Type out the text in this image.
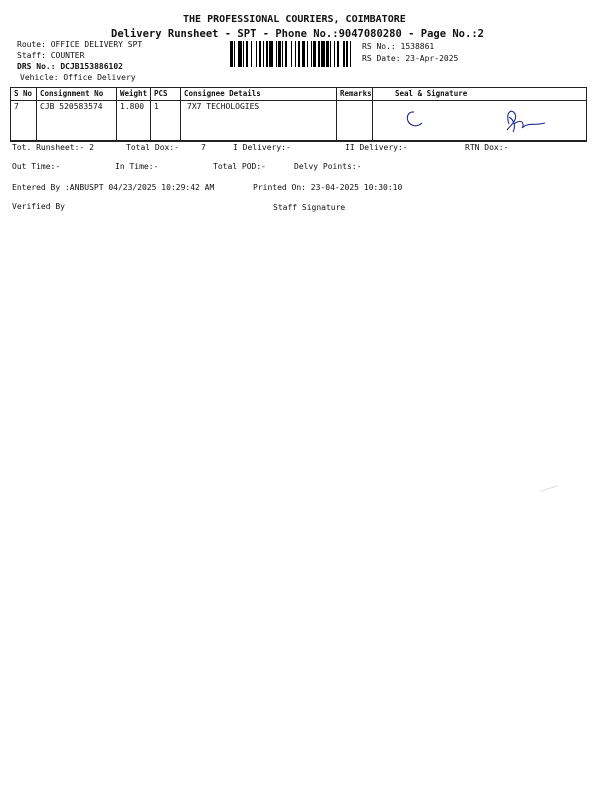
THE PROFESSIONAL COURIERS, COIMBATORE
Delivery Runsheet - SPT - Phone No.:9047080280 - Page No.:2
Route: OFFICE DELIVERY SPT
Staff: COUNTER
DRS No.: DCJB153886102
Vehicle: Office Delivery
RS No.: 1538861
RS Date: 23-Apr-2025
S No	Consignment No	Weight	PCS	Consignee Details	Remarks	Seal & Signature
7	CJB 520583574	1.800	1	7X7 TECHOLOGIES		
Tot. Runsheet:- 2	Total Dox:-	7	I Delivery:-	II Delivery:-	RTN Dox:-
Out Time:-	In Time:-	Total POD:-	Delvy Points:-
Entered By :ANBUSPT 04/23/2025 10:29:42 AM	Printed On: 23-04-2025 10:30:10
Verified By	Staff Signature
